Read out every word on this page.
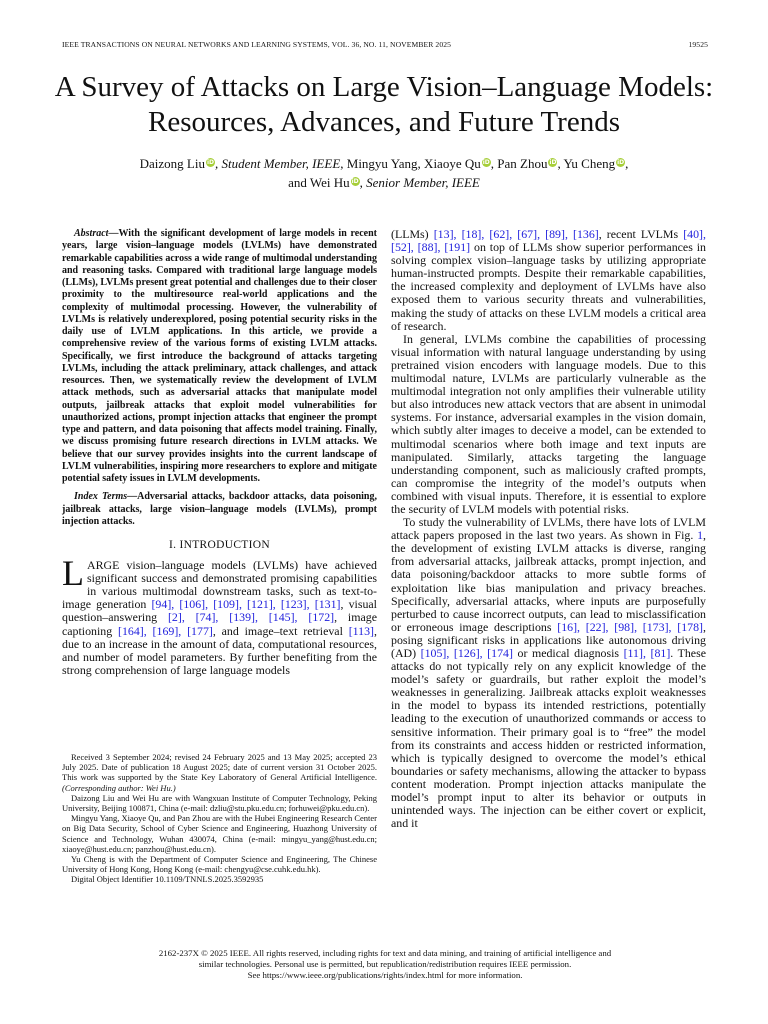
IEEE TRANSACTIONS ON NEURAL NETWORKS AND LEARNING SYSTEMS, VOL. 36, NO. 11, NOVEMBER 2025	19525
A Survey of Attacks on Large Vision–Language Models: Resources, Advances, and Future Trends
Daizong Liu iD, Student Member, IEEE, Mingyu Yang, Xiaoye Qu iD, Pan Zhou iD, Yu Cheng iD,
and Wei Hu iD, Senior Member, IEEE

Abstract—With the significant development of large models in recent years, large vision–language models (LVLMs) have demonstrated remarkable capabilities across a wide range of multimodal understanding and reasoning tasks. Compared with traditional large language models (LLMs), LVLMs present great potential and challenges due to their closer proximity to the multiresource real-world applications and the complexity of multimodal processing. However, the vulnerability of LVLMs is relatively underexplored, posing potential security risks in the daily use of LVLM applications. In this article, we provide a comprehensive review of the various forms of existing LVLM attacks. Specifically, we first introduce the background of attacks targeting LVLMs, including the attack preliminary, attack challenges, and attack resources. Then, we systematically review the development of LVLM attack methods, such as adversarial attacks that manipulate model outputs, jailbreak attacks that exploit model vulnerabilities for unauthorized actions, prompt injection attacks that engineer the prompt type and pattern, and data poisoning that affects model training. Finally, we discuss promising future research directions in LVLM attacks. We believe that our survey provides insights into the current landscape of LVLM vulnerabilities, inspiring more researchers to explore and mitigate potential safety issues in LVLM developments.

Index Terms—Adversarial attacks, backdoor attacks, data poisoning, jailbreak attacks, large vision–language models (LVLMs), prompt injection attacks.

I. INTRODUCTION

LARGE vision–language models (LVLMs) have achieved significant success and demonstrated promising capabilities in various multimodal downstream tasks, such as text-to-image generation [94], [106], [109], [121], [123], [131], visual question–answering [2], [74], [139], [145], [172], image captioning [164], [169], [177], and image–text retrieval [113], due to an increase in the amount of data, computational resources, and number of model parameters. By further benefiting from the strong comprehension of large language models

Received 3 September 2024; revised 24 February 2025 and 13 May 2025; accepted 23 July 2025. Date of publication 18 August 2025; date of current version 31 October 2025. This work was supported by the State Key Laboratory of General Artificial Intelligence. (Corresponding author: Wei Hu.)

Daizong Liu and Wei Hu are with Wangxuan Institute of Computer Technology, Peking University, Beijing 100871, China (e-mail: dzliu@stu.pku.edu.cn; forhuwei@pku.edu.cn).

Mingyu Yang, Xiaoye Qu, and Pan Zhou are with the Hubei Engineering Research Center on Big Data Security, School of Cyber Science and Engineering, Huazhong University of Science and Technology, Wuhan 430074, China (e-mail: mingyu_yang@hust.edu.cn; xiaoye@hust.edu.cn; panzhou@hust.edu.cn).

Yu Cheng is with the Department of Computer Science and Engineering, The Chinese University of Hong Kong, Hong Kong (e-mail: chengyu@cse.cuhk.edu.hk).

Digital Object Identifier 10.1109/TNNLS.2025.3592935

(LLMs) [13], [18], [62], [67], [89], [136], recent LVLMs [40], [52], [88], [191] on top of LLMs show superior performances in solving complex vision–language tasks by utilizing appropriate human-instructed prompts. Despite their remarkable capabilities, the increased complexity and deployment of LVLMs have also exposed them to various security threats and vulnerabilities, making the study of attacks on these LVLM models a critical area of research.

In general, LVLMs combine the capabilities of processing visual information with natural language understanding by using pretrained vision encoders with language models. Due to this multimodal nature, LVLMs are particularly vulnerable as the multimodal integration not only amplifies their vulnerable utility but also introduces new attack vectors that are absent in unimodal systems. For instance, adversarial examples in the vision domain, which subtly alter images to deceive a model, can be extended to multimodal scenarios where both image and text inputs are manipulated. Similarly, attacks targeting the language understanding component, such as maliciously crafted prompts, can compromise the integrity of the model’s outputs when combined with visual inputs. Therefore, it is essential to explore the security of LVLM models with potential risks.

To study the vulnerability of LVLMs, there have lots of LVLM attack papers proposed in the last two years. As shown in Fig. 1, the development of existing LVLM attacks is diverse, ranging from adversarial attacks, jailbreak attacks, prompt injection, and data poisoning/backdoor attacks to more subtle forms of exploitation like bias manipulation and privacy breaches. Specifically, adversarial attacks, where inputs are purposefully perturbed to cause incorrect outputs, can lead to misclassification or erroneous image descriptions [16], [22], [98], [173], [178], posing significant risks in applications like autonomous driving (AD) [105], [126], [174] or medical diagnosis [11], [81]. These attacks do not typically rely on any explicit knowledge of the model’s safety or guardrails, but rather exploit the model’s weaknesses in generalizing. Jailbreak attacks exploit weaknesses in the model to bypass its intended restrictions, potentially leading to the execution of unauthorized commands or access to sensitive information. Their primary goal is to “free” the model from its constraints and access hidden or restricted information, which is typically designed to overcome the model’s ethical boundaries or safety mechanisms, allowing the attacker to bypass content moderation. Prompt injection attacks manipulate the model’s prompt input to alter its behavior or outputs in unintended ways. The injection can be either covert or explicit, and it

2162-237X © 2025 IEEE. All rights reserved, including rights for text and data mining, and training of artificial intelligence and
similar technologies. Personal use is permitted, but republication/redistribution requires IEEE permission.
See https://www.ieee.org/publications/rights/index.html for more information.
